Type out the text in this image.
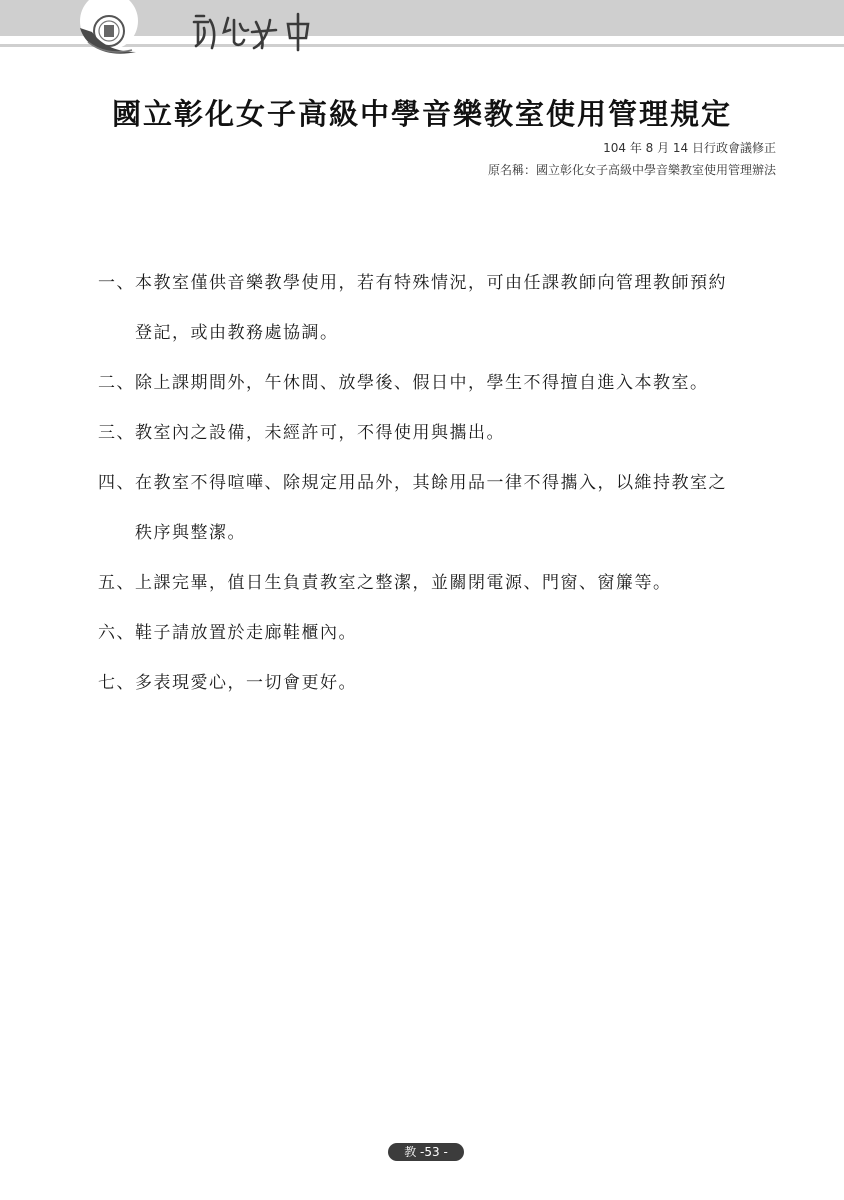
國立彰化女子高級中學音樂教室使用管理規定
104 年 8 月 14 日行政會議修正
原名稱：國立彰化女子高級中學音樂教室使用管理辦法
一、 本教室僅供音樂教學使用，若有特殊情況，可由任課教師向管理教師預約
登記，或由教務處協調。
二、 除上課期間外，午休間、放學後、假日中，學生不得擅自進入本教室。
三、 教室內之設備，未經許可，不得使用與攜出。
四、 在教室不得喧嘩、除規定用品外，其餘用品一律不得攜入，以維持教室之
秩序與整潔。
五、 上課完畢，值日生負責教室之整潔，並關閉電源、門窗、窗簾等。
六、 鞋子請放置於走廊鞋櫃內。
七、 多表現愛心，一切會更好。
教 -53 -
